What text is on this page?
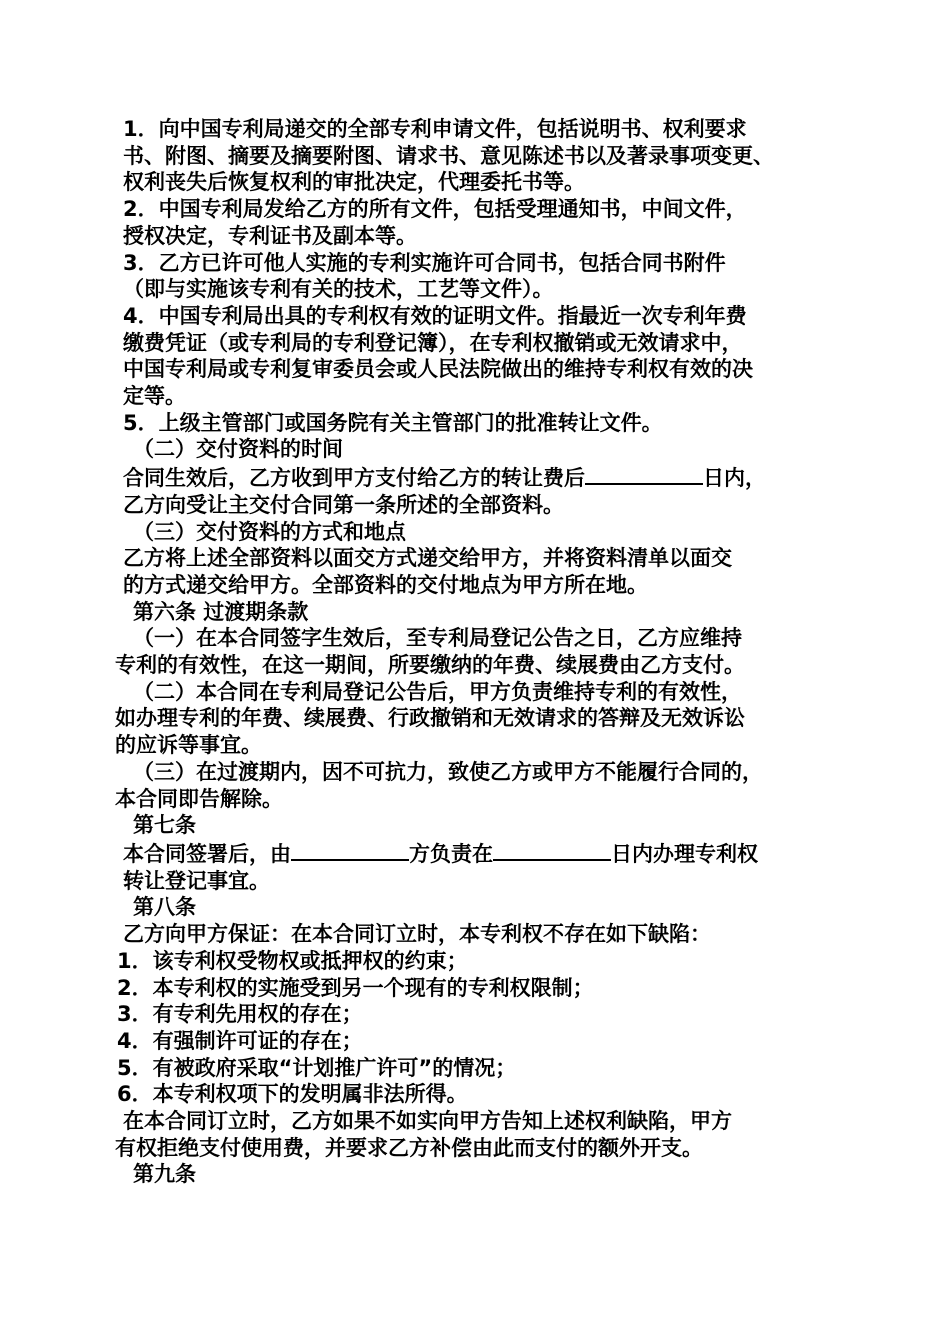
1．向中国专利局递交的全部专利申请文件，包括说明书、权利要求
书、附图、摘要及摘要附图、请求书、意见陈述书以及著录事项变更、
权利丧失后恢复权利的审批决定，代理委托书等。

2．中国专利局发给乙方的所有文件，包括受理通知书，中间文件，
授权决定，专利证书及副本等。

3．乙方已许可他人实施的专利实施许可合同书，包括合同书附件
（即与实施该专利有关的技术，工艺等文件）。

4．中国专利局出具的专利权有效的证明文件。指最近一次专利年费
缴费凭证（或专利局的专利登记簿），在专利权撤销或无效请求中，
中国专利局或专利复审委员会或人民法院做出的维持专利权有效的决
定等。

5．上级主管部门或国务院有关主管部门的批准转让文件。

（二）交付资料的时间

合同生效后，乙方收到甲方支付给乙方的转让费后	日内，
乙方向受让主交付合同第一条所述的全部资料。

（三）交付资料的方式和地点

乙方将上述全部资料以面交方式递交给甲方，并将资料清单以面交
的方式递交给甲方。全部资料的交付地点为甲方所在地。

第六条 过渡期条款

（一）在本合同签字生效后，至专利局登记公告之日，乙方应维持
专利的有效性，在这一期间，所要缴纳的年费、续展费由乙方支付。

（二）本合同在专利局登记公告后，甲方负责维持专利的有效性，
如办理专利的年费、续展费、行政撤销和无效请求的答辩及无效诉讼
的应诉等事宜。

（三）在过渡期内，因不可抗力，致使乙方或甲方不能履行合同的，
本合同即告解除。

第七条

本合同签署后，由	方负责在	日内办理专利权
转让登记事宜。

第八条

乙方向甲方保证：在本合同订立时，本专利权不存在如下缺陷：

1．该专利权受物权或抵押权的约束；
2．本专利权的实施受到另一个现有的专利权限制；
3．有专利先用权的存在；
4．有强制许可证的存在；
5．有被政府采取“计划推广许可”的情况；
6．本专利权项下的发明属非法所得。

在本合同订立时，乙方如果不如实向甲方告知上述权利缺陷，甲方
有权拒绝支付使用费，并要求乙方补偿由此而支付的额外开支。

第九条
